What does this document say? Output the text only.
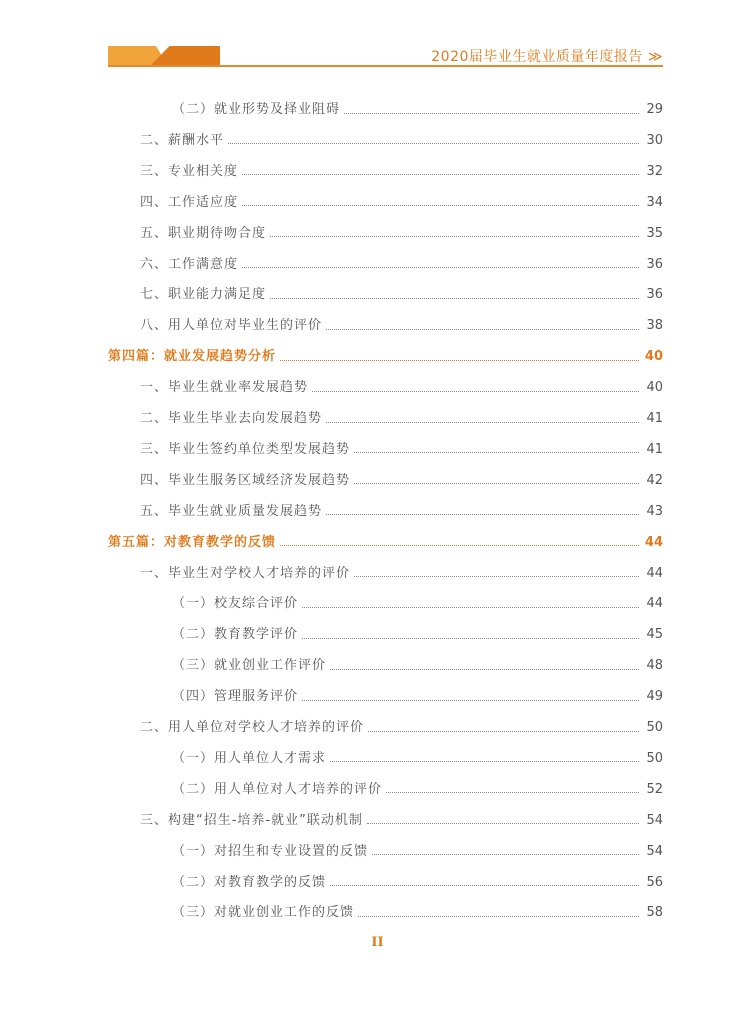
2020届毕业生就业质量年度报告 ≫
（二）就业形势及择业阻碍	29
二、薪酬水平	30
三、专业相关度	32
四、工作适应度	34
五、职业期待吻合度	35
六、工作满意度	36
七、职业能力满足度	36
八、用人单位对毕业生的评价	38
第四篇：就业发展趋势分析	40
一、毕业生就业率发展趋势	40
二、毕业生毕业去向发展趋势	41
三、毕业生签约单位类型发展趋势	41
四、毕业生服务区域经济发展趋势	42
五、毕业生就业质量发展趋势	43
第五篇：对教育教学的反馈	44
一、毕业生对学校人才培养的评价	44
（一）校友综合评价	44
（二）教育教学评价	45
（三）就业创业工作评价	48
（四）管理服务评价	49
二、用人单位对学校人才培养的评价	50
（一）用人单位人才需求	50
（二）用人单位对人才培养的评价	52
三、构建“招生-培养-就业”联动机制	54
（一）对招生和专业设置的反馈	54
（二）对教育教学的反馈	56
（三）对就业创业工作的反馈	58
II
